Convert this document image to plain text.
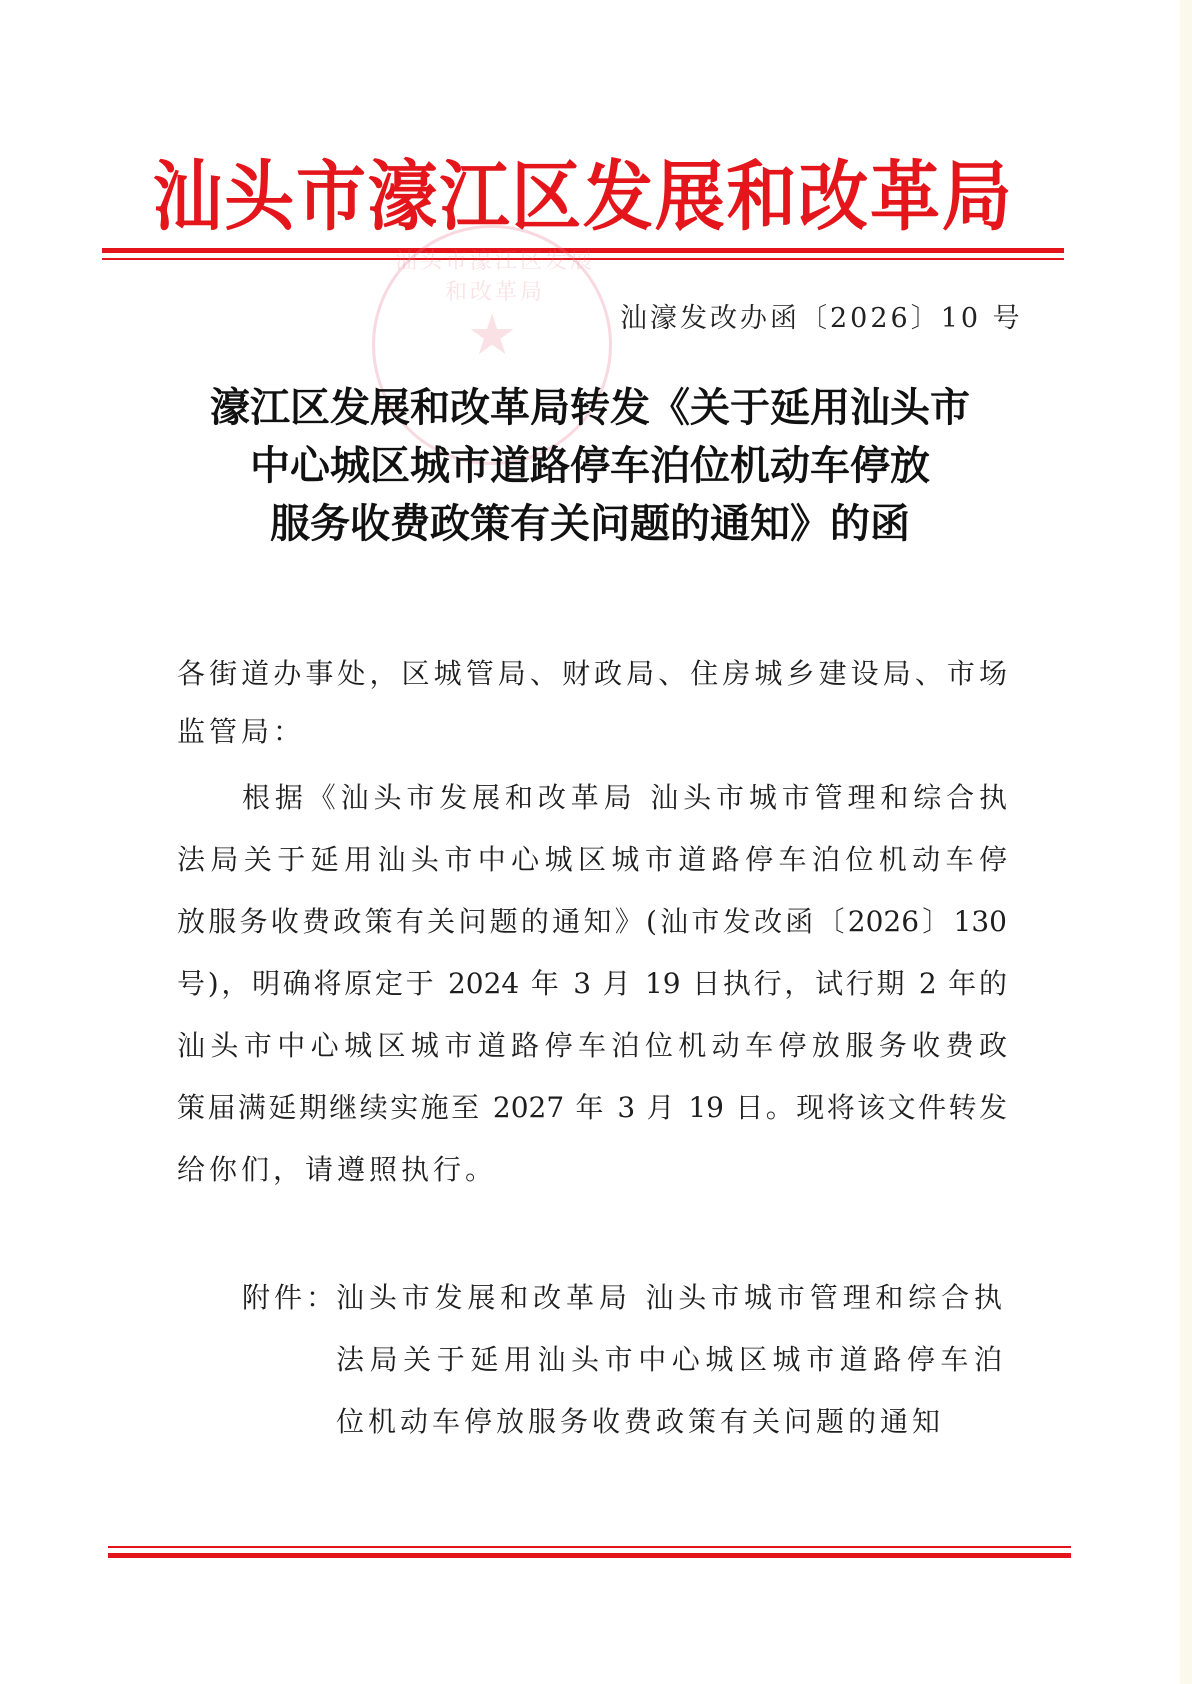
汕头市濠江区发展和改革局
汕头市濠江区发展和改革局
★	汕濠发改办函〔2026〕10 号
濠江区发展和改革局转发《关于延用汕头市
中心城区城市道路停车泊位机动车停放
服务收费政策有关问题的通知》的函
各街道办事处，区城管局、财政局、住房城乡建设局、市场
监管局：
根据《汕头市发展和改革局 汕头市城市管理和综合执
法局关于延用汕头市中心城区城市道路停车泊位机动车停
放服务收费政策有关问题的通知》(汕市发改函〔2026〕130
号)，明确将原定于 2024 年 3 月 19 日执行，试行期 2 年的
汕头市中心城区城市道路停车泊位机动车停放服务收费政
策届满延期继续实施至 2027 年 3 月 19 日。现将该文件转发
给你们，请遵照执行。
附件：
汕头市发展和改革局 汕头市城市管理和综合执
法局关于延用汕头市中心城区城市道路停车泊
位机动车停放服务收费政策有关问题的通知
